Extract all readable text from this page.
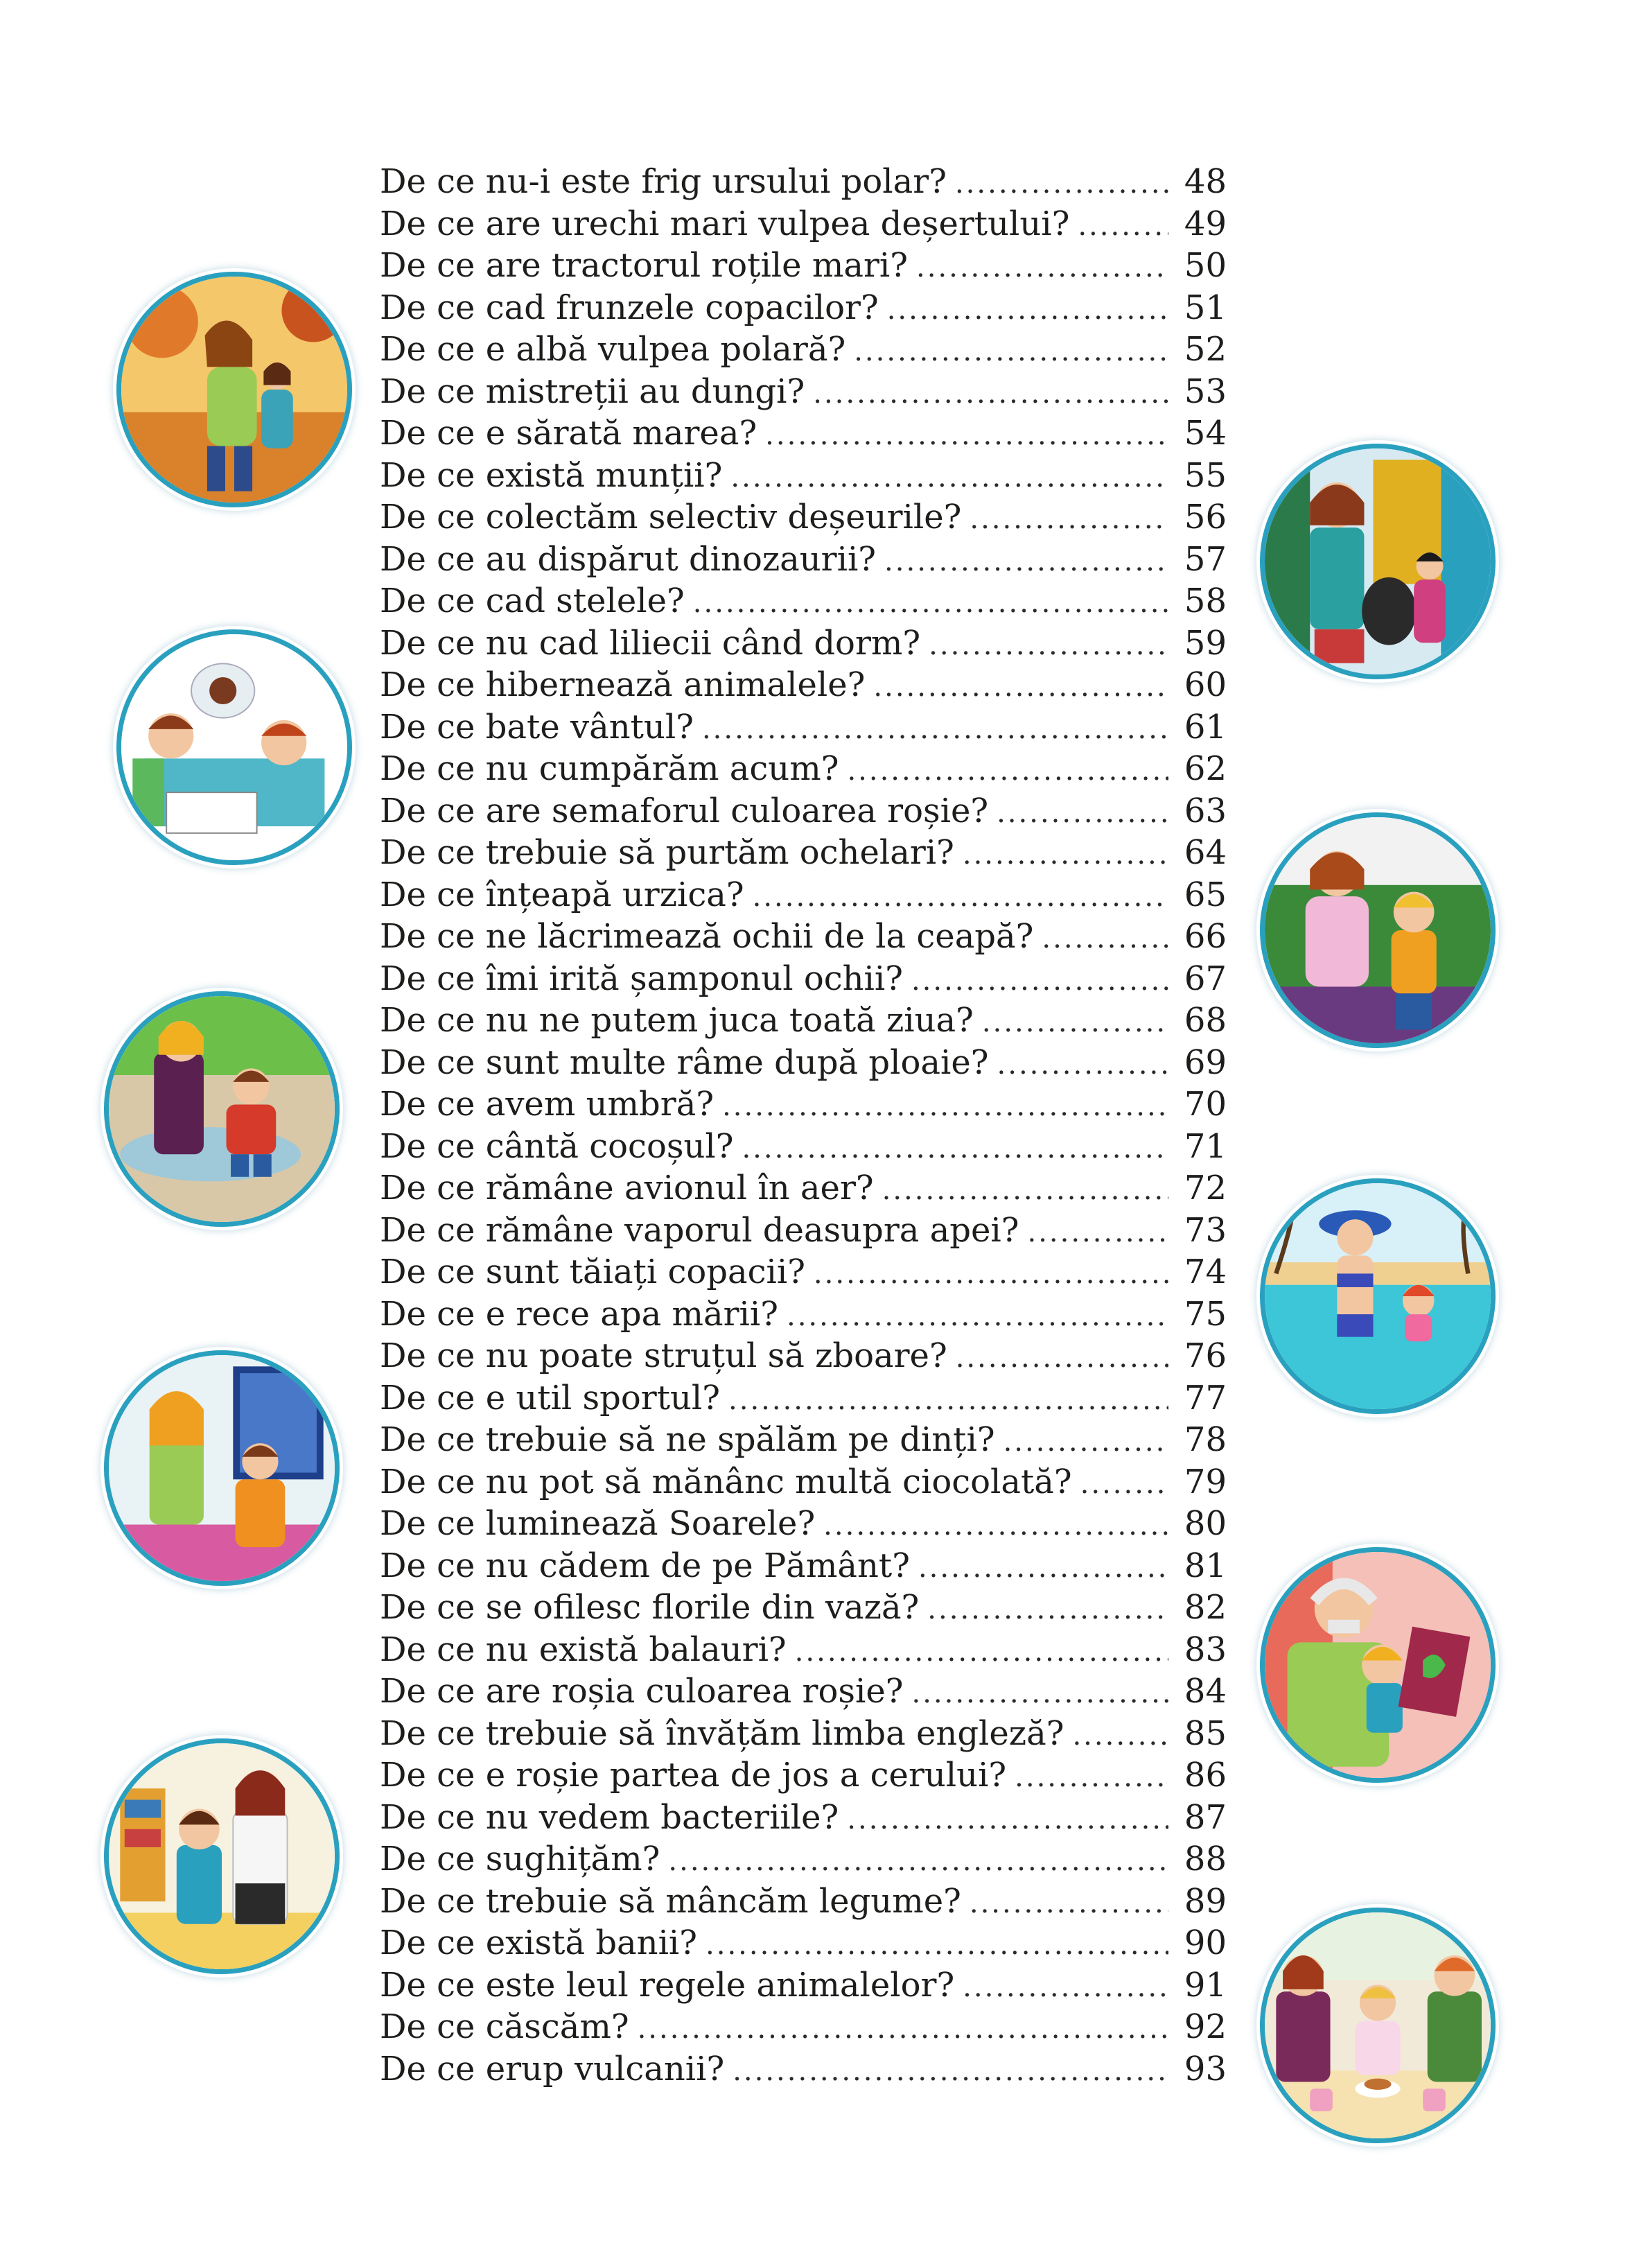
De ce nu-i este frig ursului polar? .....	48
De ce are urechi mari vulpea deșertului? .....	49
De ce are tractorul roțile mari? .....	50
De ce cad frunzele copacilor? .....	51
De ce e albă vulpea polară? .....	52
De ce mistreții au dungi? .....	53
De ce e sărată marea? .....	54
De ce există munții? .....	55
De ce colectăm selectiv deșeurile? .....	56
De ce au dispărut dinozaurii? .....	57
De ce cad stelele? .....	58
De ce nu cad liliecii când dorm? .....	59
De ce hibernează animalele? .....	60
De ce bate vântul? .....	61
De ce nu cumpărăm acum? .....	62
De ce are semaforul culoarea roșie? .....	63
De ce trebuie să purtăm ochelari? .....	64
De ce înțeapă urzica? .....	65
De ce ne lăcrimează ochii de la ceapă? .....	66
De ce îmi irită șamponul ochii? .....	67
De ce nu ne putem juca toată ziua? .....	68
De ce sunt multe râme după ploaie? .....	69
De ce avem umbră? .....	70
De ce cântă cocoșul? .....	71
De ce rămâne avionul în aer? .....	72
De ce rămâne vaporul deasupra apei? .....	73
De ce sunt tăiați copacii? .....	74
De ce e rece apa mării? .....	75
De ce nu poate struțul să zboare? .....	76
De ce e util sportul? .....	77
De ce trebuie să ne spălăm pe dinți? .....	78
De ce nu pot să mănânc multă ciocolată? .....	79
De ce luminează Soarele? .....	80
De ce nu cădem de pe Pământ? .....	81
De ce se ofilesc florile din vază? .....	82
De ce nu există balauri? .....	83
De ce are roșia culoarea roșie? .....	84
De ce trebuie să învățăm limba engleză? .....	85
De ce e roșie partea de jos a cerului? .....	86
De ce nu vedem bacteriile? .....	87
De ce sughițăm? .....	88
De ce trebuie să mâncăm legume? .....	89
De ce există banii? .....	90
De ce este leul regele animalelor? .....	91
De ce căscăm? .....	92
De ce erup vulcanii? .....	93
